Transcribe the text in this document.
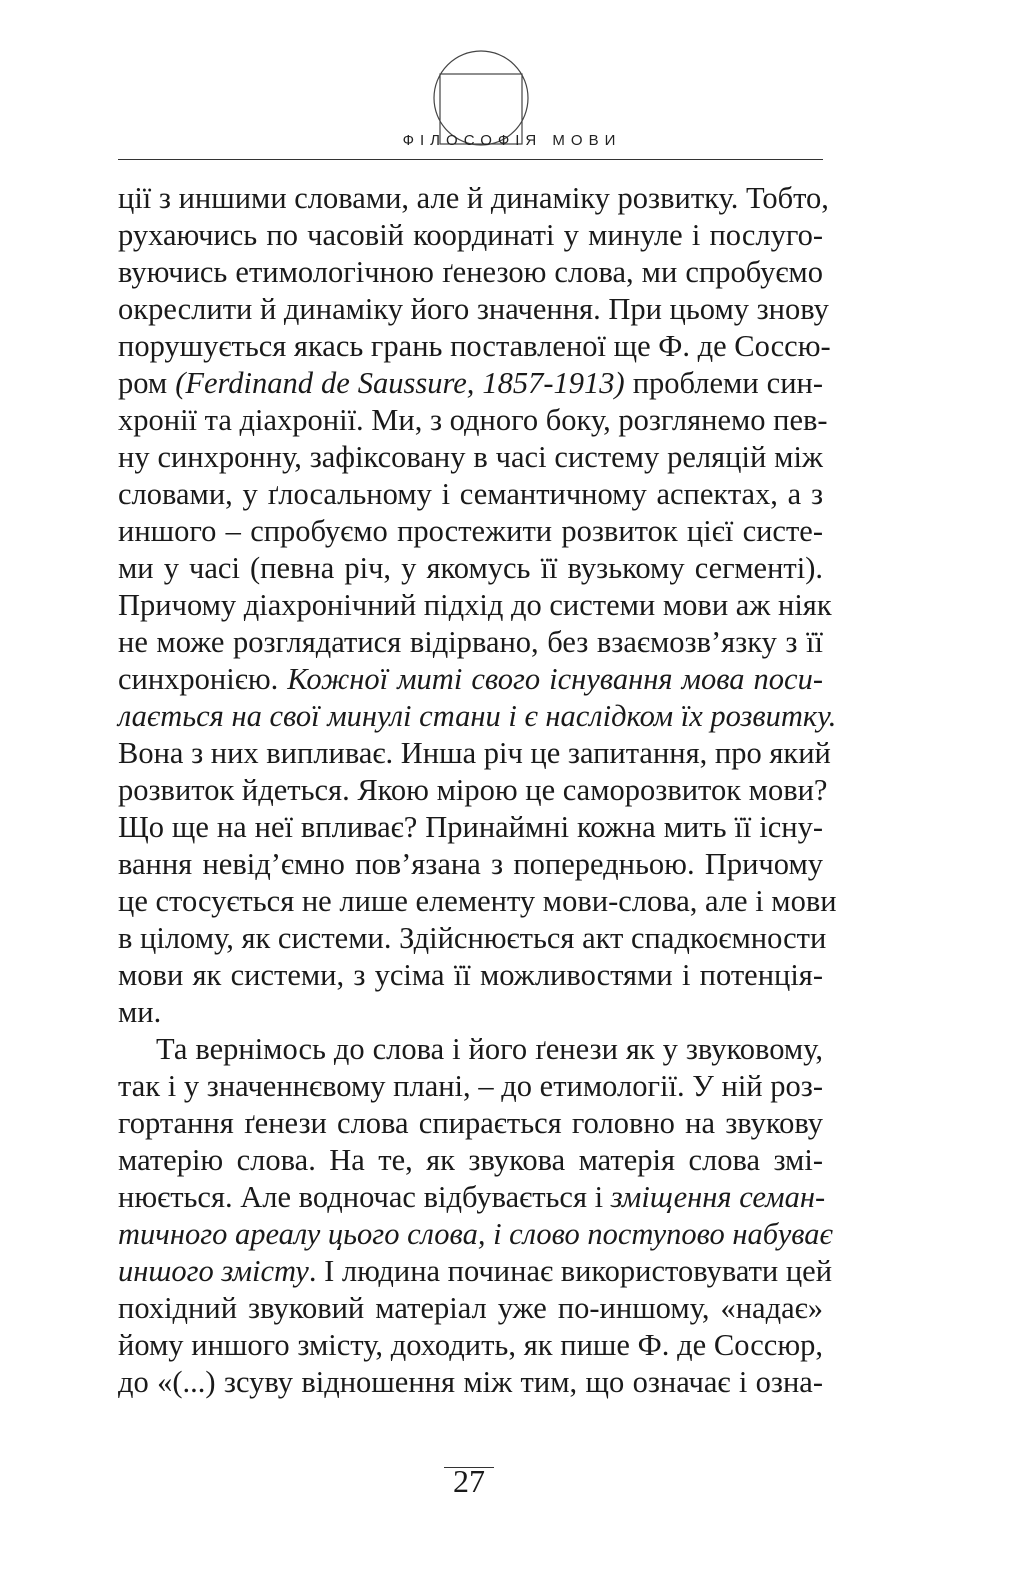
ФІЛОСОФІЯ МОВИ
ції з иншими словами, але й динаміку розвитку. Тобто,
рухаючись по часовій координаті у минуле і послуго-
вуючись етимологічною ґенезою слова, ми спробуємо
окреслити й динаміку його значення. При цьому знову
порушується якась грань поставленої ще Ф. де Соссю-
ром (Ferdinand de Saussure, 1857-1913) проблеми син-
хронії та діахронії. Ми, з одного боку, розглянемо пев-
ну синхронну, зафіксовану в часі систему реляцій між
словами, у ґлосальному і семантичному аспектах, а з
иншого – спробуємо простежити розвиток цієї систе-
ми у часі (певна річ, у якомусь її вузькому сегменті).
Причому діахронічний підхід до системи мови аж ніяк
не може розглядатися відірвано, без взаємозв’язку з її
синхронією. Кожної миті свого існування мова поси-
лається на свої минулі стани і є наслідком їх розвитку.
Вона з них випливає. Инша річ це запитання, про який
розвиток йдеться. Якою мірою це саморозвиток мови?
Що ще на неї впливає? Принаймні кожна мить її існу-
вання невід’ємно пов’язана з попередньою. Причому
це стосується не лише елементу мови-слова, але і мови
в цілому, як системи. Здійснюється акт спадкоємности
мови як системи, з усіма її можливостями і потенція-
ми.
Та вернімось до слова і його ґенези як у звуковому,
так і у значеннєвому плані, – до етимології. У ній роз-
гортання ґенези слова спирається головно на звукову
матерію слова. На те, як звукова матерія слова змі-
нюється. Але водночас відбувається і зміщення семан-
тичного ареалу цього слова, і слово поступово набуває
иншого змісту. І людина починає використовувати цей
похідний звуковий матеріал уже по-иншому, «надає»
йому иншого змісту, доходить, як пише Ф. де Соссюр,
до «(...) зсуву відношення між тим, що означає і озна-
27
